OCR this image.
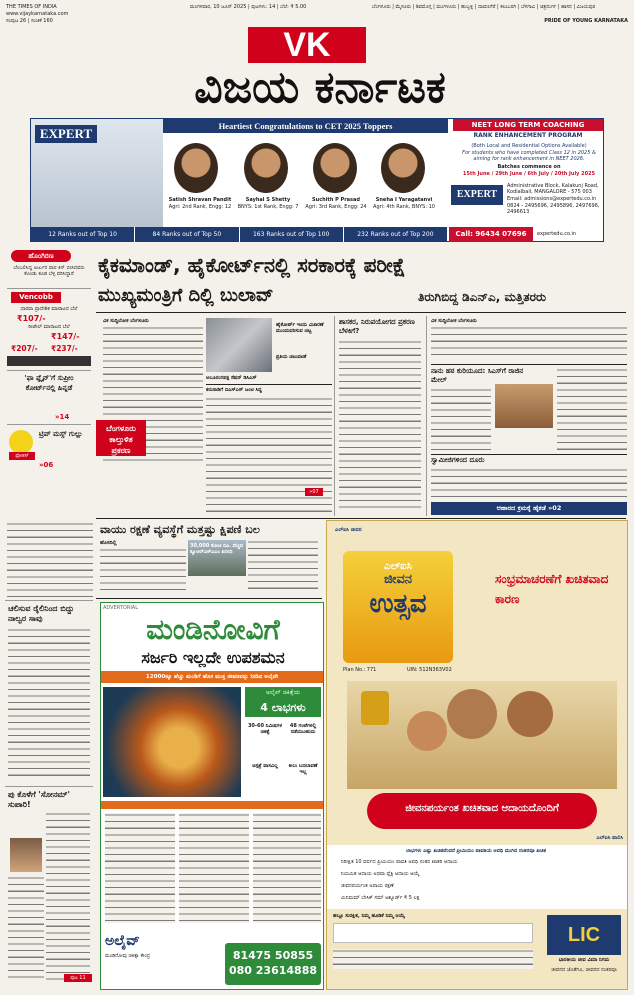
THE TIMES OF INDIA
www.vijaykarnataka.com
ಸಂಪುಟ 26 | ಸಂಚಿಕೆ 160
ಮಂಗಳವಾರ, 10 ಜೂನ್ 2025 | ಪುಟಗಳು: 14 | ಬೆಲೆ: ₹ 5.00	ಬೆಂಗಳೂರು | ಮೈಸೂರು | ಶಿವಮೊಗ್ಗ | ಮಂಗಳೂರು | ಹುಬ್ಬಳ್ಳಿ | ದಾವಣಗೆರೆ | ಕಲಬುರಗಿ | ಬೆಳಗಾವಿ | ಚಿತ್ರದುರ್ಗ | ಹಾಸನ | ವಿಜಯಪುರ
PRIDE OF YOUNG KARNATAKA
VK
ವಿಜಯ ಕರ್ನಾಟಕ
EXPERT	Heartiest Congratulations to CET 2025 Toppers
Satish Shravan Pandit
Agri: 2nd Rank, Engg: 12
Sayhal S Shetty
BNYS: 1st Rank, Engg: 7
Suchith P Prasad
Agri: 3rd Rank, Engg: 24
Sneha I Yaragatanvi
Agri: 4th Rank, BNYS: 10
NEET LONG TERM COACHING
RANK ENHANCEMENT PROGRAM
(Both Local and Residential Options Available)
For students who have completed Class 12 in 2025 & aiming for rank enhancement in NEET 2026.
Batches commence on
15th June / 29th June / 6th July / 20th July 2025
EXPERT
Administrative Block, Kalakunj Road, Kodialbail, MANGALORE - 575 003
Email: admissions@expertedu.co.in
0824 - 2495696, 2495896, 2497696, 2496613
12 Ranks out of Top 10	84 Ranks out of Top 50	163 Ranks out of Top 100	232 Ranks out of Top 200	Call: 96434 07696	expertedu.co.in
ಹೊಂಗಿರಣ
ಬೆಂಬಲಿಸಿದ್ದ ಅರ್ಜುನ ಪಾರ ಕಿನ್ ಬೀಸಿದವರು ಕೊಂಡು ಕೂಡ ಬೆಳ್ಳಿ ವರಿಸಿದ್ದಾರೆ
Vencobb
ಧಾರವಾ ಪ್ರಾದೇಶಿಕ ಮಾರಾಟದ ಬೆಲೆ
₹107/-
ರೀಟೇಲ್ ಮಾರಾಟದ ಬೆಲೆ
₹147/-
₹207/-	₹237/-
'ಫಾ ಫ್ಲೈನ್'ಗೆ ಸುಪ್ರೀಂ ಕೋರ್ಟ್‌ನಲ್ಲಿ ಹಿನ್ನಡೆ
»14
ಫೋಕಸ್
ಟ್ರಿಪ್ ಮಸ್ಸ್ ಗುಲ್ಲು
»06
ಕೈಕಮಾಂಡ್, ಹೈಕೋರ್ಟ್‌ನಲ್ಲಿ ಸರಕಾರಕ್ಕೆ ಪರೀಕ್ಷೆ
ಮುಖ್ಯಮಂತ್ರಿಗೆ ದಿಲ್ಲಿ ಬುಲಾವ್	ತಿರುಗಿಬಿದ್ದ ಡಿಎನ್‌ಎ, ಮತ್ತಿತರರು
ವಿಕ ಸುದ್ದಿಲೋಕ ಬೆಂಗಳೂರು
ಬೆಂಗಳೂರು ಕಾಲ್ತುಳಿತ ಪ್ರಕರಣ
ಹೈಕೋರ್ಟ್ ಇಂದು ವಿಚಾರಣೆ ಮುಂದುವರಿಸುವ ಚಟ್ಟ
ಪ್ರತಿಯ ಚಟುವಟಿಕೆ
ಅಲೂರಂಗಪಕ್ಷ ಸೆಷನ್ ಡಿಸಿಎಸ್
ಕರುನಾಡಿಗೆ ಬಿಎಸ್‌ಎಸ್ ಜಂಟಿ ಸಿದ್ಧ
ಶಾಸಕರ, ನಿರುಪಯೋಗದ ಪ್ರಕರಣ ಬೆಳಕಿಗೆ?
»07
ವಿಕ ಸುದ್ದಿಲೋಕ ಬೆಂಗಳೂರು
ನಾನು ಹಠ ಕುರಿಯೂದ: ಸಿಎಸ್‌ಗೆ ರಾಜಿನ ಮೇಲ್
ಸ್ವಾಮೀಜಿಗಳಿಂದ ದೂರು
ಆಹಾರದ ಕ್ರಮಕ್ಕೆ ಹೈಕಡೆ »02
ವಾಯು ರಕ್ಷಣೆ ವ್ಯವಸ್ಥೆಗೆ ಮತ್ತಷ್ಟು ಕ್ಷಿಪಣಿ ಬಲ
ಹೊಸದಿಲ್ಲಿ	30,000 ಕೋಟಿ ರೂ. ವೆಚ್ಚದ ಕ್ಯೂಆರ್‌ಎಸ್‌ಎಎಂ ಖರೀದಿ
ಚಲಿಸುವ ರೈಲಿನಿಂದ ಬಿದ್ದು ನಾಲ್ವರ ಸಾವು
ಪು ಕೊಳೆಗೆ 'ಸೋನಮ್' ಸುಪಾರಿ!
ಪುಟ 11
ADVERTORIAL
ಮಂಡಿನೋವಿಗೆ
ಸರ್ಜರಿ ಇಲ್ಲದೇ ಉಪಶಮನ
12000ಕ್ಕೂ ಹೆಚ್ಚು ಮಂಡಿಗೆ ಹೊಸ ಮುಕ್ತ ಜೀವನವನ್ನು ನೀಡಿದ ಅಲೈವೇ
ಅಲೈವ್ ಚಿಕಿತ್ಸೆಯ
4 ಲಾಭಗಳು
30-60 ನಿಮಿಷಗಳ ಚಿಕಿತ್ಸೆ
48 ಗಂಟೆಗಳಲ್ಲಿ ನಡೆಯಬಹುದು
ಆಸ್ಪತ್ರೆ ವಾಸವಿಲ್ಲ	ಕೀಲು ಬದಲಾವಣೆ ಇಲ್ಲ
ಅಲೈವ್
ಮಂಡಿನೋವು ಚಿಕಿತ್ಸಾ ಕೇಂದ್ರ	81475 50855
080 23614888
ಎಲ್‌ಐಸಿ ಜೀವನ
ಎಲ್‌ಐಸಿ
ಜೀವನ
ಉತ್ಸವ
Plan No.: 771	UIN: 512N363V02
ಸಂಭ್ರಮಾಚರಣೆಗೆ ಖಚಿತವಾದ ಕಾರಣ
ಜೀವನಪರ್ಯಂತ ಖಚಿತವಾದ ಆದಾಯದೊಂದಿಗೆ
ಎಲ್‌ಐಸಿ ಪಾಲಿಸಿ
ಲಾಭಗಳು ಎಷ್ಟು ಖಚಿತವೆಂದರೆ ಪ್ರೀಮಿಯಂ ಪಾವತಿಯ ಅವಧಿ ಮುಗಿದ ನಂತರವೂ ಖಚಿತ
ನಿರೀಕ್ಷಿತ 10 ವರ್ಷದ ಪ್ರೀಮಿಯಂ ಪಾವತಿ ಅವಧಿ ನಂತರ ಖಾತರಿ ಆದಾಯ
ನಿಯಮಿತ ಆದಾಯ ಅಥವಾ ಫ್ಲೆಕ್ಸಿ ಆದಾಯ ಆಯ್ಕೆ
ಜೀವನಪರ್ಯಂತ ಅಪಾಯ ರಕ್ಷಣೆ
ಮಿನಿಮಮ್ ಬೇಸಿಕ್ ಸಮ್ ಅಶ್ಯೂರ್ಡ್ ₹ 5 ಲಕ್ಷ
ಹಲ್ಲೂ ಸುರಕ್ಷಿತ, ನಿಮ್ಮ ಹೂಡಿಕೆ ನಿಮ್ಮ ಆಯ್ಕೆ
LIC
ಭಾರತೀಯ ಜೀವ ವಿಮಾ ನಿಗಮ
ಜೀವನದ ಜೊತೆಗೂ, ಜೀವನದ ನಂತರವೂ
